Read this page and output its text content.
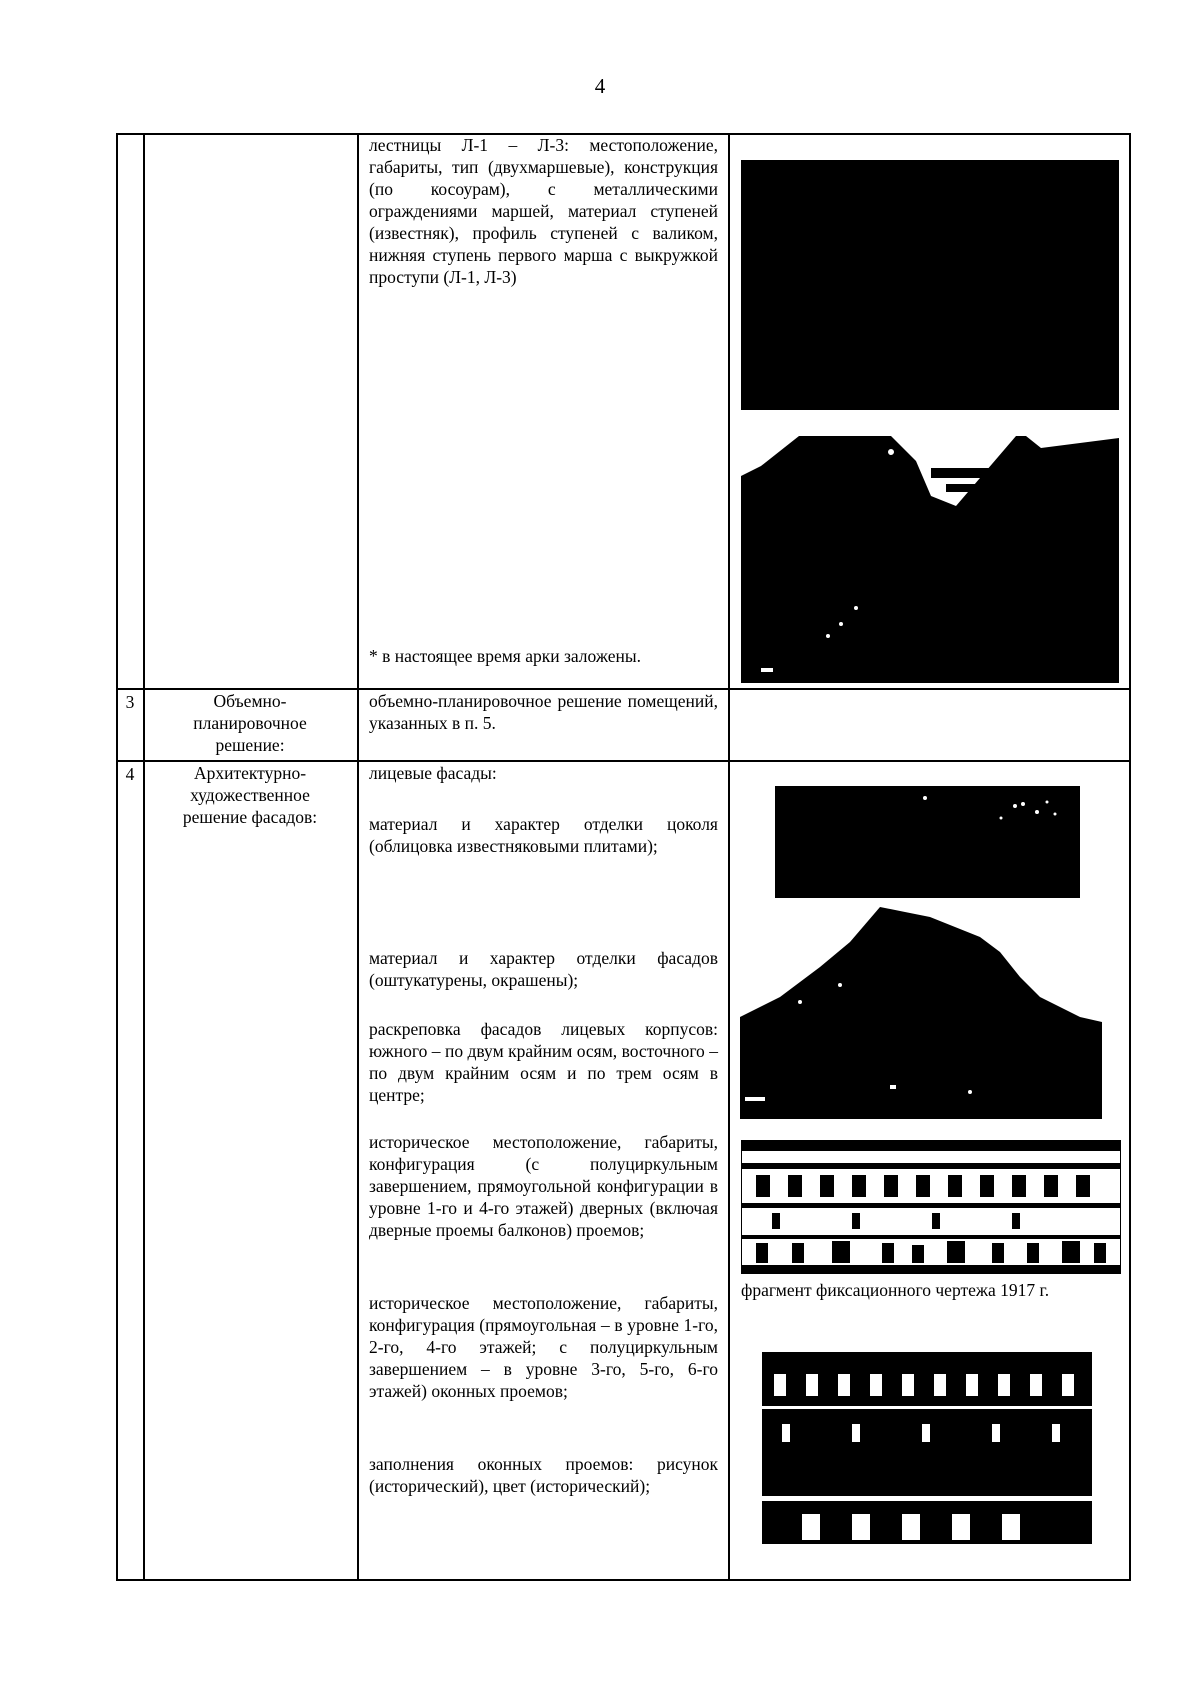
4

лестницы Л-1 – Л-3: местоположение, габариты, тип (двухмаршевые), конструкция (по косоурам), с металлическими ограждениями маршей, материал ступеней (известняк), профиль ступеней с валиком, нижняя ступень первого марша с выкружкой проступи (Л-1, Л-3)

* в настоящее время арки заложены.

3	Объемно-планировочное решение:

объемно-планировочное решение помещений, указанных в п. 5.

4	Архитектурно-художественное решение фасадов:

лицевые фасады:

материал и характер отделки цоколя (облицовка известняковыми плитами);

материал и характер отделки фасадов (оштукатурены, окрашены);

раскреповка фасадов лицевых корпусов: южного – по двум крайним осям, восточного – по двум крайним осям и по трем осям в центре;

историческое местоположение, габариты, конфигурация (с полуциркульным завершением, прямоугольной конфигурации в уровне 1-го и 4-го этажей) дверных (включая дверные проемы балконов) проемов;

историческое местоположение, габариты, конфигурация (прямоугольная – в уровне 1-го, 2-го, 4-го этажей; с полуциркульным завершением – в уровне 3-го, 5-го, 6-го этажей) оконных проемов;

заполнения оконных проемов: рисунок (исторический), цвет (исторический);

фрагмент фиксационного чертежа 1917 г.
